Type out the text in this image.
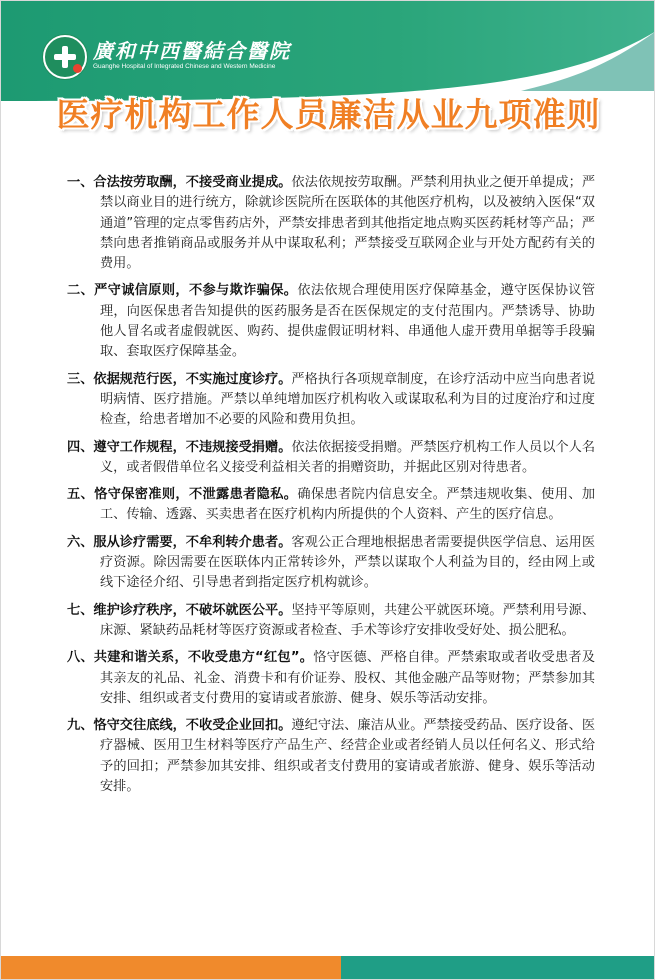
廣和中西醫結合醫院
Guanghe Hospital of Integrated Chinese and Western Medicine
医疗机构工作人员廉洁从业九项准则
一、合法按劳取酬，不接受商业提成。依法依规按劳取酬。严禁利用执业之便开单提成；严禁以商业目的进行统方，除就诊医院所在医联体的其他医疗机构，以及被纳入医保“双通道”管理的定点零售药店外，严禁安排患者到其他指定地点购买医药耗材等产品；严禁向患者推销商品或服务并从中谋取私利；严禁接受互联网企业与开处方配药有关的费用。
二、严守诚信原则，不参与欺诈骗保。依法依规合理使用医疗保障基金，遵守医保协议管理，向医保患者告知提供的医药服务是否在医保规定的支付范围内。严禁诱导、协助他人冒名或者虚假就医、购药、提供虚假证明材料、串通他人虚开费用单据等手段骗取、套取医疗保障基金。
三、依据规范行医，不实施过度诊疗。严格执行各项规章制度，在诊疗活动中应当向患者说明病情、医疗措施。严禁以单纯增加医疗机构收入或谋取私利为目的过度治疗和过度检查，给患者增加不必要的风险和费用负担。
四、遵守工作规程，不违规接受捐赠。依法依据接受捐赠。严禁医疗机构工作人员以个人名义，或者假借单位名义接受利益相关者的捐赠资助，并据此区别对待患者。
五、恪守保密准则，不泄露患者隐私。确保患者院内信息安全。严禁违规收集、使用、加工、传输、透露、买卖患者在医疗机构内所提供的个人资料、产生的医疗信息。
六、服从诊疗需要，不牟利转介患者。客观公正合理地根据患者需要提供医学信息、运用医疗资源。除因需要在医联体内正常转诊外，严禁以谋取个人利益为目的，经由网上或线下途径介绍、引导患者到指定医疗机构就诊。
七、维护诊疗秩序，不破坏就医公平。坚持平等原则，共建公平就医环境。严禁利用号源、床源、紧缺药品耗材等医疗资源或者检查、手术等诊疗安排收受好处、损公肥私。
八、共建和谐关系，不收受患方“红包”。恪守医德、严格自律。严禁索取或者收受患者及其亲友的礼品、礼金、消费卡和有价证券、股权、其他金融产品等财物；严禁参加其安排、组织或者支付费用的宴请或者旅游、健身、娱乐等活动安排。
九、恪守交往底线，不收受企业回扣。遵纪守法、廉洁从业。严禁接受药品、医疗设备、医疗器械、医用卫生材料等医疗产品生产、经营企业或者经销人员以任何名义、形式给予的回扣；严禁参加其安排、组织或者支付费用的宴请或者旅游、健身、娱乐等活动安排。
